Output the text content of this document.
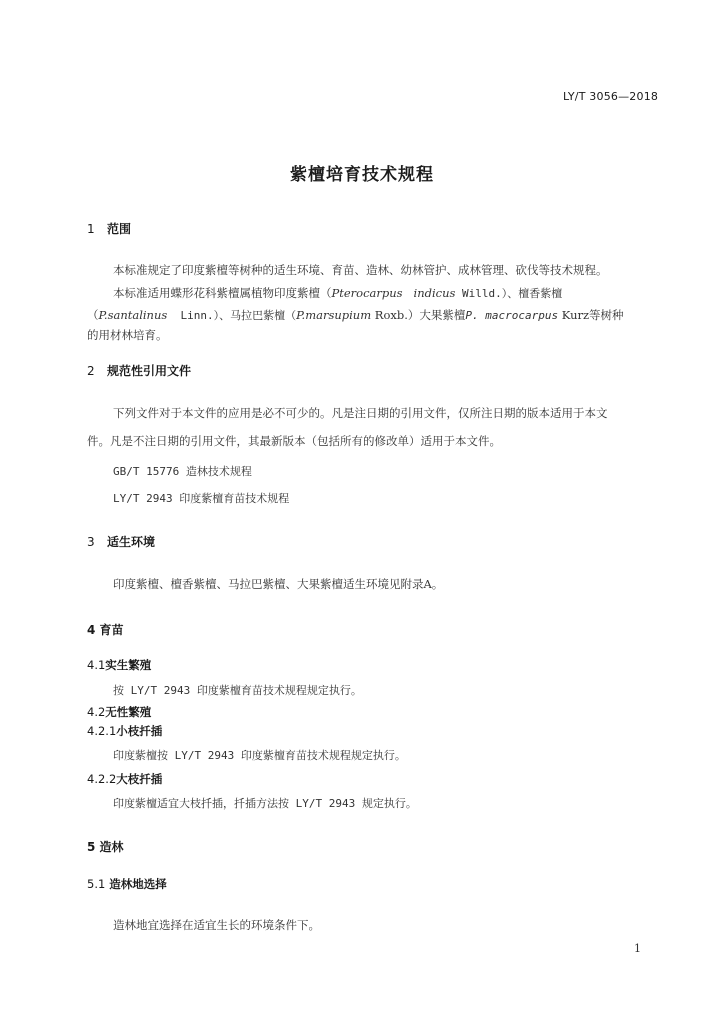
LY/T 3056—2018
紫檀培育技术规程
1 范围
本标准规定了印度紫檀等树种的适生环境、育苗、造林、幼林管护、成林管理、砍伐等技术规程。
本标准适用蝶形花科紫檀属植物印度紫檀（Pterocarpus   indicus Willd.）、檀香紫檀
（P.santalinus  Linn.）、马拉巴紫檀（P.marsupium Roxb.）大果紫檀P. macrocarpus Kurz等树种
的用材林培育。
2 规范性引用文件
下列文件对于本文件的应用是必不可少的。凡是注日期的引用文件，仅所注日期的版本适用于本文
件。凡是不注日期的引用文件，其最新版本（包括所有的修改单）适用于本文件。
GB/T 15776 造林技术规程
LY/T 2943 印度紫檀育苗技术规程
3 适生环境
印度紫檀、檀香紫檀、马拉巴紫檀、大果紫檀适生环境见附录A。
4 育苗
4.1实生繁殖
按 LY/T 2943 印度紫檀育苗技术规程规定执行。
4.2无性繁殖
4.2.1小枝扦插
印度紫檀按 LY/T 2943 印度紫檀育苗技术规程规定执行。
4.2.2大枝扦插
印度紫檀适宜大枝扦插，扦插方法按 LY/T 2943 规定执行。
5 造林
5.1 造林地选择
造林地宜选择在适宜生长的环境条件下。
1
